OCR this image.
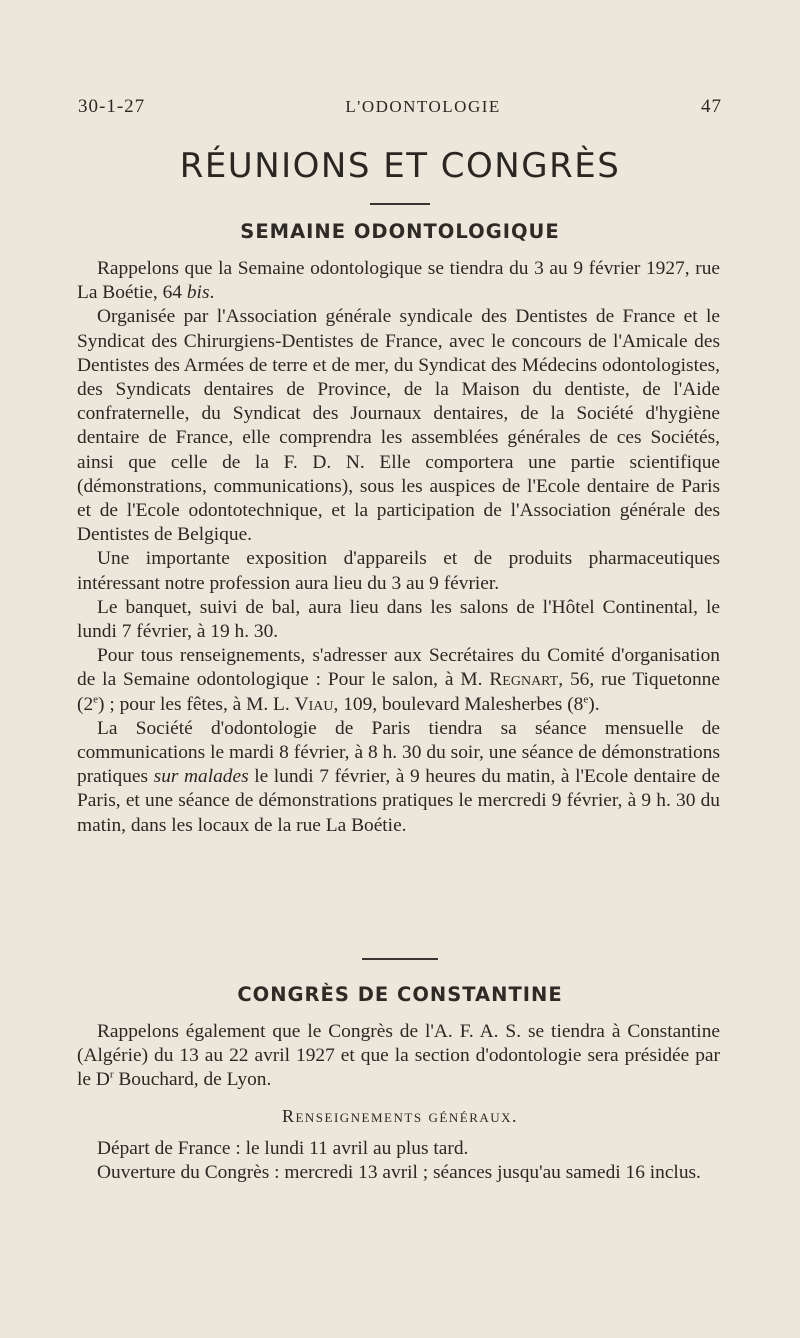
30-1-27	L'ODONTOLOGIE	47
RÉUNIONS ET CONGRÈS
SEMAINE ODONTOLOGIQUE

Rappelons que la Semaine odontologique se tiendra du 3 au 9 février 1927, rue La Boétie, 64 bis.

Organisée par l'Association générale syndicale des Dentistes de France et le Syndicat des Chirurgiens-Dentistes de France, avec le concours de l'Amicale des Dentistes des Armées de terre et de mer, du Syndicat des Médecins odontologistes, des Syndicats dentaires de Province, de la Maison du dentiste, de l'Aide confraternelle, du Syndicat des Journaux dentaires, de la Société d'hygiène dentaire de France, elle comprendra les assemblées générales de ces Sociétés, ainsi que celle de la F. D. N. Elle comportera une partie scientifique (démonstrations, communications), sous les auspices de l'Ecole dentaire de Paris et de l'Ecole odontotechnique, et la participation de l'Association générale des Dentistes de Belgique.

Une importante exposition d'appareils et de produits pharmaceutiques intéressant notre profession aura lieu du 3 au 9 février.

Le banquet, suivi de bal, aura lieu dans les salons de l'Hôtel Continental, le lundi 7 février, à 19 h. 30.

Pour tous renseignements, s'adresser aux Secrétaires du Comité d'organisation de la Semaine odontologique : Pour le salon, à M. Regnart, 56, rue Tiquetonne (2e) ; pour les fêtes, à M. L. Viau, 109, boulevard Malesherbes (8e).

La Société d'odontologie de Paris tiendra sa séance mensuelle de communications le mardi 8 février, à 8 h. 30 du soir, une séance de démonstrations pratiques sur malades le lundi 7 février, à 9 heures du matin, à l'Ecole dentaire de Paris, et une séance de démonstrations pratiques le mercredi 9 février, à 9 h. 30 du matin, dans les locaux de la rue La Boétie.

CONGRÈS DE CONSTANTINE

Rappelons également que le Congrès de l'A. F. A. S. se tiendra à Constantine (Algérie) du 13 au 22 avril 1927 et que la section d'odontologie sera présidée par le $D^r$ Bouchard, de Lyon.

Renseignements généraux.

Départ de France : le lundi 11 avril au plus tard.

Ouverture du Congrès : mercredi 13 avril ; séances jusqu'au samedi 16 inclus.
